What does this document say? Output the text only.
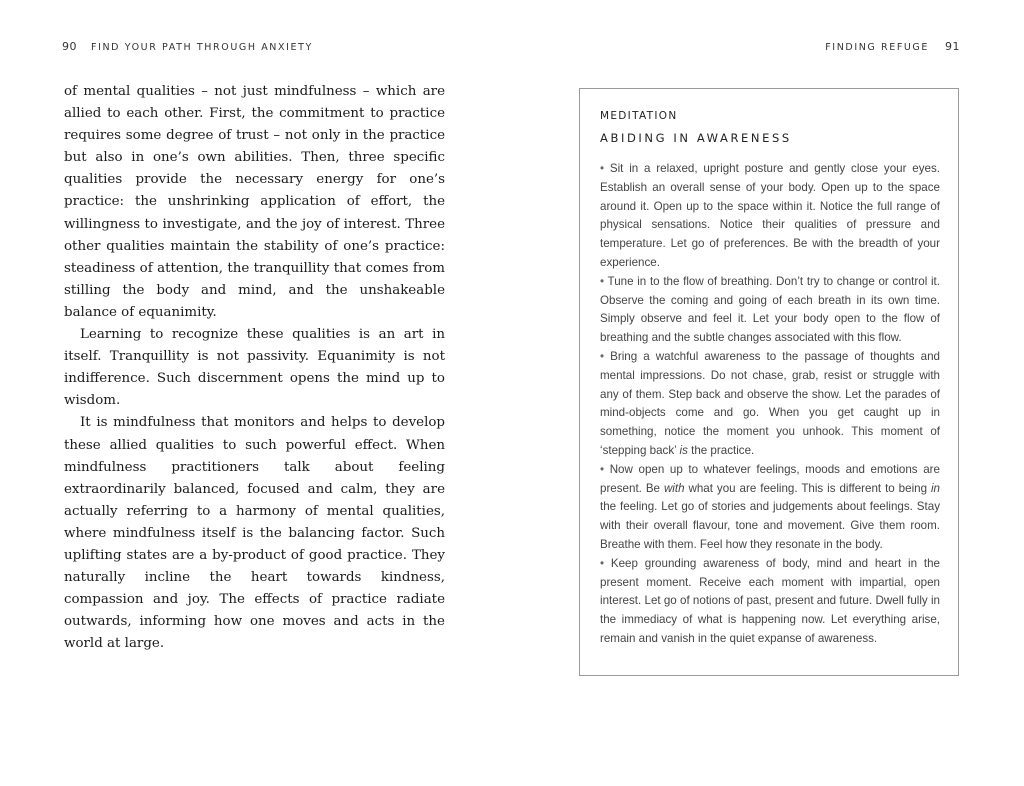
90 FIND YOUR PATH THROUGH ANXIETY

of mental qualities – not just mindfulness – which are allied to each other. First, the commitment to practice requires some degree of trust – not only in the practice but also in one’s own abilities. Then, three specific qualities provide the necessary energy for one’s practice: the unshrinking application of effort, the willingness to investigate, and the joy of interest. Three other qualities maintain the stability of one’s practice: steadiness of attention, the tranquillity that comes from stilling the body and mind, and the unshakeable balance of equanimity.

Learning to recognize these qualities is an art in itself. Tranquillity is not passivity. Equanimity is not indifference. Such discernment opens the mind up to wisdom.

It is mindfulness that monitors and helps to develop these allied qualities to such powerful effect. When mindfulness practitioners talk about feeling extraordinarily balanced, focused and calm, they are actually referring to a harmony of mental qualities, where mindfulness itself is the balancing factor. Such uplifting states are a by-product of good practice. They naturally incline the heart towards kindness, compassion and joy. The effects of practice radiate outwards, informing how one moves and acts in the world at large.

FINDING REFUGE 91
MEDITATION
ABIDING IN AWARENESS

• Sit in a relaxed, upright posture and gently close your eyes. Establish an overall sense of your body. Open up to the space around it. Open up to the space within it. Notice the full range of physical sensations. Notice their qualities of pressure and temperature. Let go of preferences. Be with the breadth of your experience.

• Tune in to the flow of breathing. Don’t try to change or control it. Observe the coming and going of each breath in its own time. Simply observe and feel it. Let your body open to the flow of breathing and the subtle changes associated with this flow.

• Bring a watchful awareness to the passage of thoughts and mental impressions. Do not chase, grab, resist or struggle with any of them. Step back and observe the show. Let the parades of mind-objects come and go. When you get caught up in something, notice the moment you unhook. This moment of ‘stepping back’ is the practice.

• Now open up to whatever feelings, moods and emotions are present. Be with what you are feeling. This is different to being in the feeling. Let go of stories and judgements about feelings. Stay with their overall flavour, tone and movement. Give them room. Breathe with them. Feel how they resonate in the body.

• Keep grounding awareness of body, mind and heart in the present moment. Receive each moment with impartial, open interest. Let go of notions of past, present and future. Dwell fully in the immediacy of what is happening now. Let everything arise, remain and vanish in the quiet expanse of awareness.
